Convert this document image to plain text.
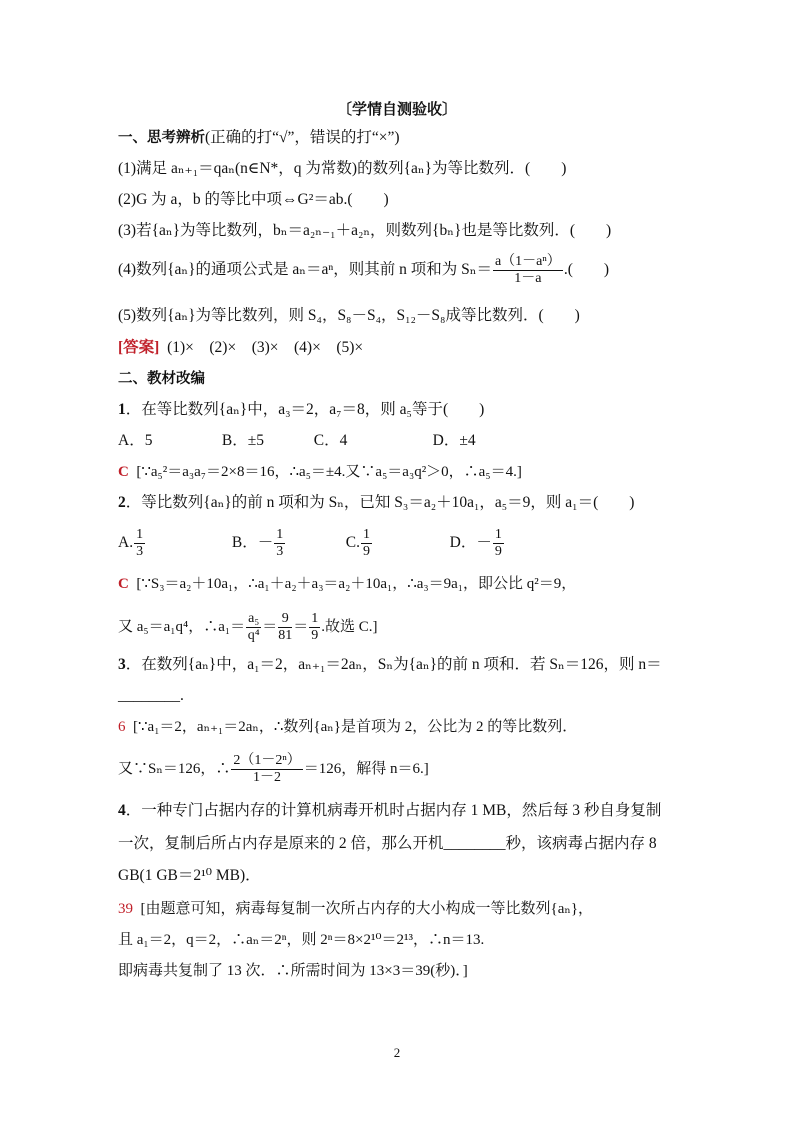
〔学情自测验收〕
一、思考辨析(正确的打“√”，错误的打“×”)
(1)满足 aₙ₊₁＝qaₙ(n∈N*，q 为常数)的数列{aₙ}为等比数列．(　　)
(2)G 为 a，b 的等比中项⇔G²＝ab.(　　)
(3)若{aₙ}为等比数列，bₙ＝a₂ₙ₋₁＋a₂ₙ，则数列{bₙ}也是等比数列．(　　)
(4)数列{aₙ}的通项公式是 aₙ＝aⁿ，则其前 n 项和为 $S_n= \frac{\text{a（1－aⁿ）}}{1-a}$ .(　　)
(5)数列{aₙ}为等比数列，则 S₄，S₈－S₄，S₁₂－S₈成等比数列．(　　)
[答案] (1)×　(2)×　(3)×　(4)×　(5)×
二、教材改编
1．在等比数列{aₙ}中，a₃＝2，a₇＝8，则 a₅等于(　　)
A．5	B．±5	C．4	D．±4
C [∵a₅²＝a₃a₇＝2×8＝16，∴a₅＝±4.又∵a₅＝a₃q²＞0，∴a₅＝4.]
2．等比数列{aₙ}的前 n 项和为 Sₙ，已知 S₃＝a₂＋10a₁，a₅＝9，则 a₁＝(　　)
A. $\frac{1}{3}$	B．－ $\frac{1}{3}$	C. $\frac{1}{9}$	D．－ $\frac{1}{9}$
C [∵S₃＝a₂＋10a₁，∴a₁＋a₂＋a₃＝a₂＋10a₁，∴a₃＝9a₁，即公比 q²＝9，
又 a₅＝a₁q⁴，∴a₁＝ $\frac{\text{a₅}}{\text{q⁴}} = \frac{9}{81} = \frac{1}{9}$ .故选 C.]
3．在数列{aₙ}中，a₁＝2，aₙ₊₁＝2aₙ，Sₙ为{aₙ}的前 n 项和．若 Sₙ＝126，则 n＝
________.
6 [∵a₁＝2，aₙ₊₁＝2aₙ，∴数列{aₙ}是首项为 2，公比为 2 的等比数列．
又∵Sₙ＝126，∴ $\frac{\text{2（1－2ⁿ）}}{1-2} =126$，解得 n＝6.]
4．一种专门占据内存的计算机病毒开机时占据内存 1 MB，然后每 3 秒自身复制
一次，复制后所占内存是原来的 2 倍，那么开机________秒，该病毒占据内存 8
GB(1 GB＝2¹⁰ MB)．
39 [由题意可知，病毒每复制一次所占内存的大小构成一等比数列{aₙ}，
且 a₁＝2，q＝2，∴aₙ＝2ⁿ，则 2ⁿ＝8×2¹⁰＝2¹³，∴n＝13.
即病毒共复制了 13 次．∴所需时间为 13×3＝39(秒)．]
2
